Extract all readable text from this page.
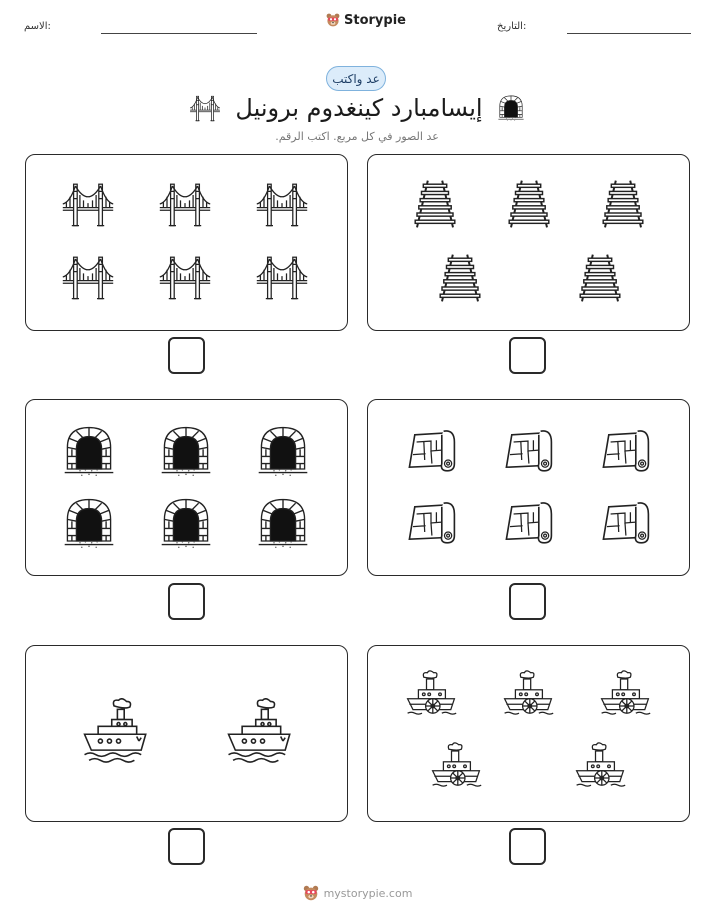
التاريخ:
Storypie
الاسم:
عد واكتب
إيسامبارد كينغدوم برونيل
عد الصور في كل مربع. اكتب الرقم.
mystorypie.com
